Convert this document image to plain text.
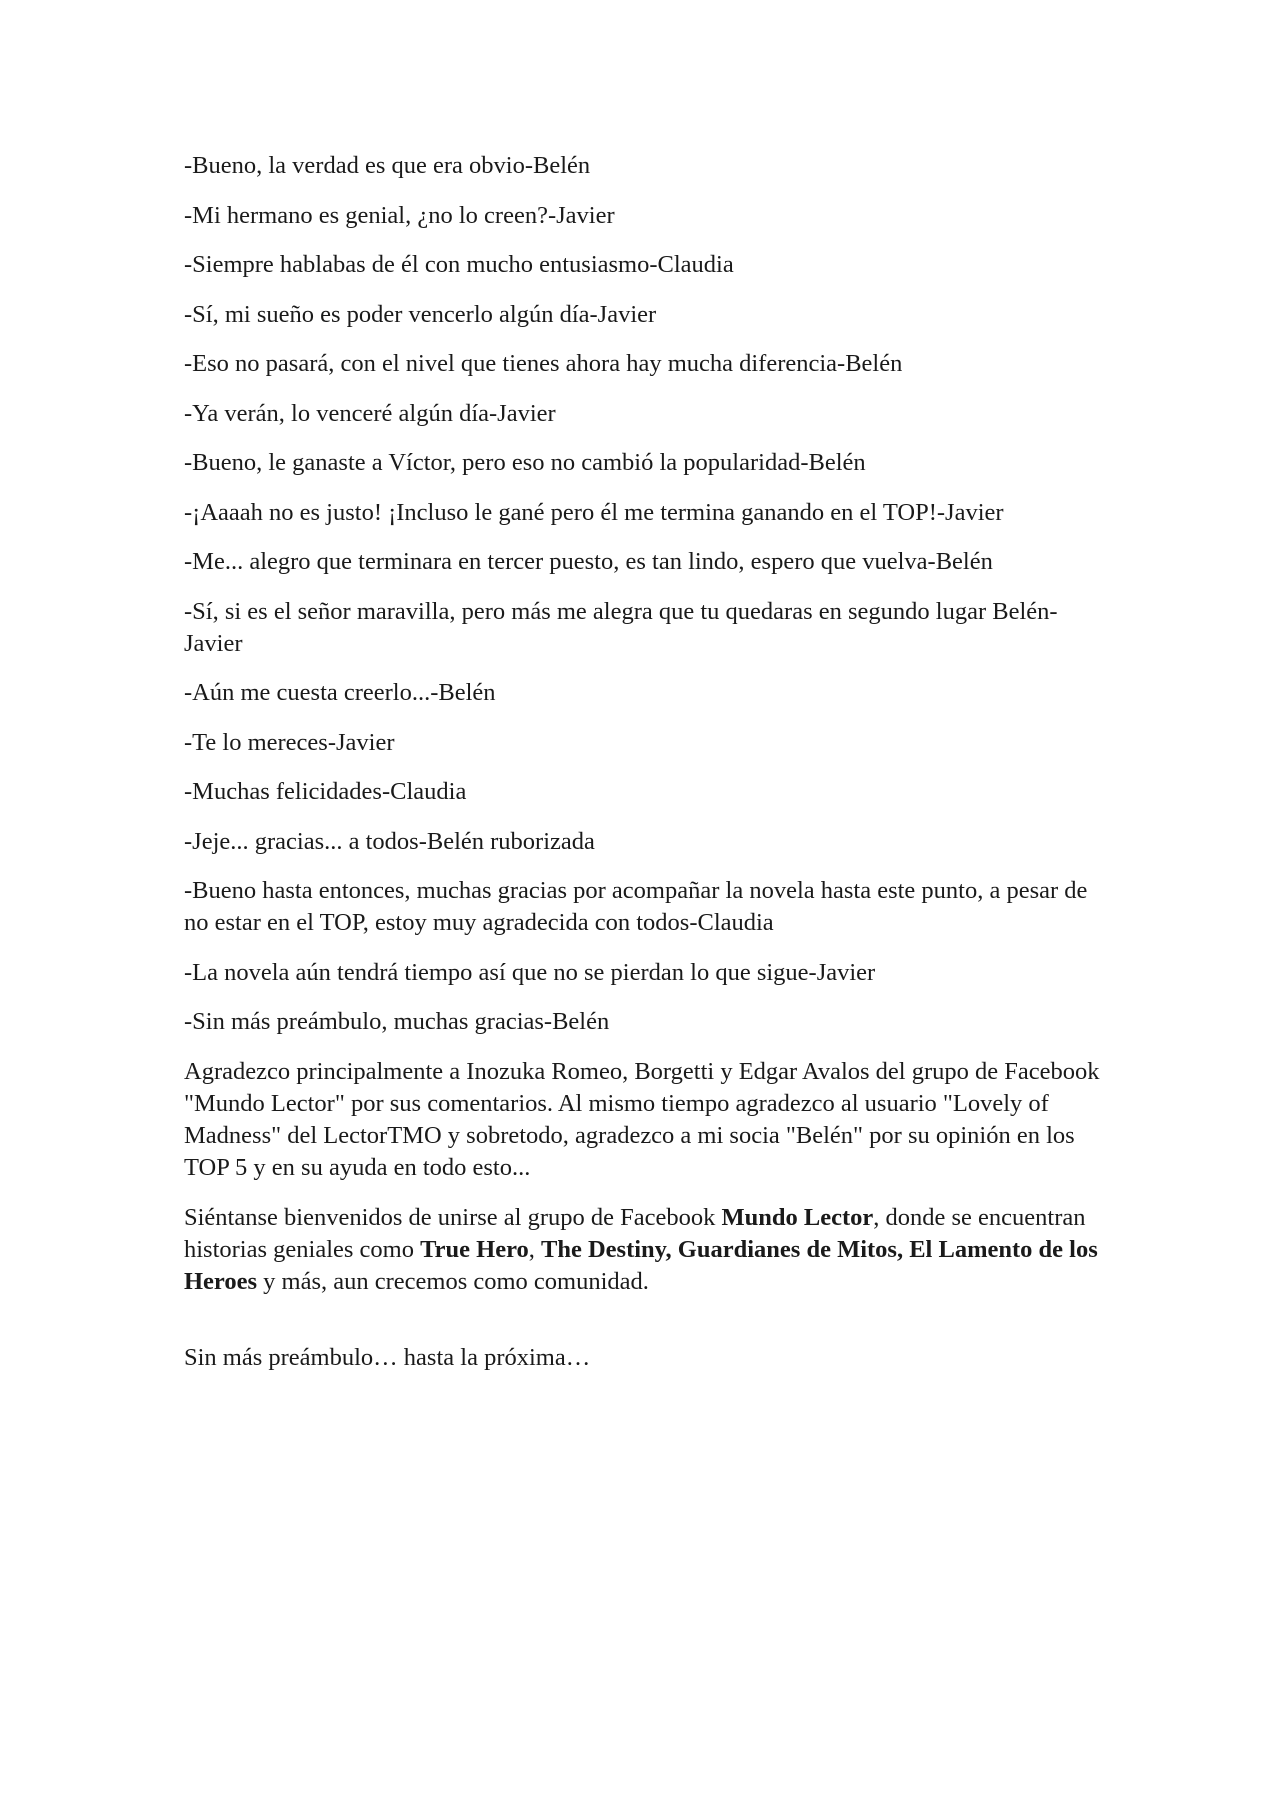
-Bueno, la verdad es que era obvio-Belén

-Mi hermano es genial, ¿no lo creen?-Javier

-Siempre hablabas de él con mucho entusiasmo-Claudia

-Sí, mi sueño es poder vencerlo algún día-Javier

-Eso no pasará, con el nivel que tienes ahora hay mucha diferencia-Belén

-Ya verán, lo venceré algún día-Javier

-Bueno, le ganaste a Víctor, pero eso no cambió la popularidad-Belén

-¡Aaaah no es justo! ¡Incluso le gané pero él me termina ganando en el TOP!-Javier

-Me... alegro que terminara en tercer puesto, es tan lindo, espero que vuelva-Belén

-Sí, si es el señor maravilla, pero más me alegra que tu quedaras en segundo lugar Belén-Javier

-Aún me cuesta creerlo...-Belén

-Te lo mereces-Javier

-Muchas felicidades-Claudia

-Jeje... gracias... a todos-Belén ruborizada

-Bueno hasta entonces, muchas gracias por acompañar la novela hasta este punto, a pesar de no estar en el TOP, estoy muy agradecida con todos-Claudia

-La novela aún tendrá tiempo así que no se pierdan lo que sigue-Javier

-Sin más preámbulo, muchas gracias-Belén

Agradezco principalmente a Inozuka Romeo, Borgetti y Edgar Avalos del grupo de Facebook "Mundo Lector" por sus comentarios. Al mismo tiempo agradezco al usuario "Lovely of Madness" del LectorTMO y sobretodo, agradezco a mi socia "Belén" por su opinión en los TOP 5 y en su ayuda en todo esto...

Siéntanse bienvenidos de unirse al grupo de Facebook Mundo Lector, donde se encuentran historias geniales como True Hero, The Destiny, Guardianes de Mitos, El Lamento de los Heroes y más, aun crecemos como comunidad.

Sin más preámbulo… hasta la próxima…
